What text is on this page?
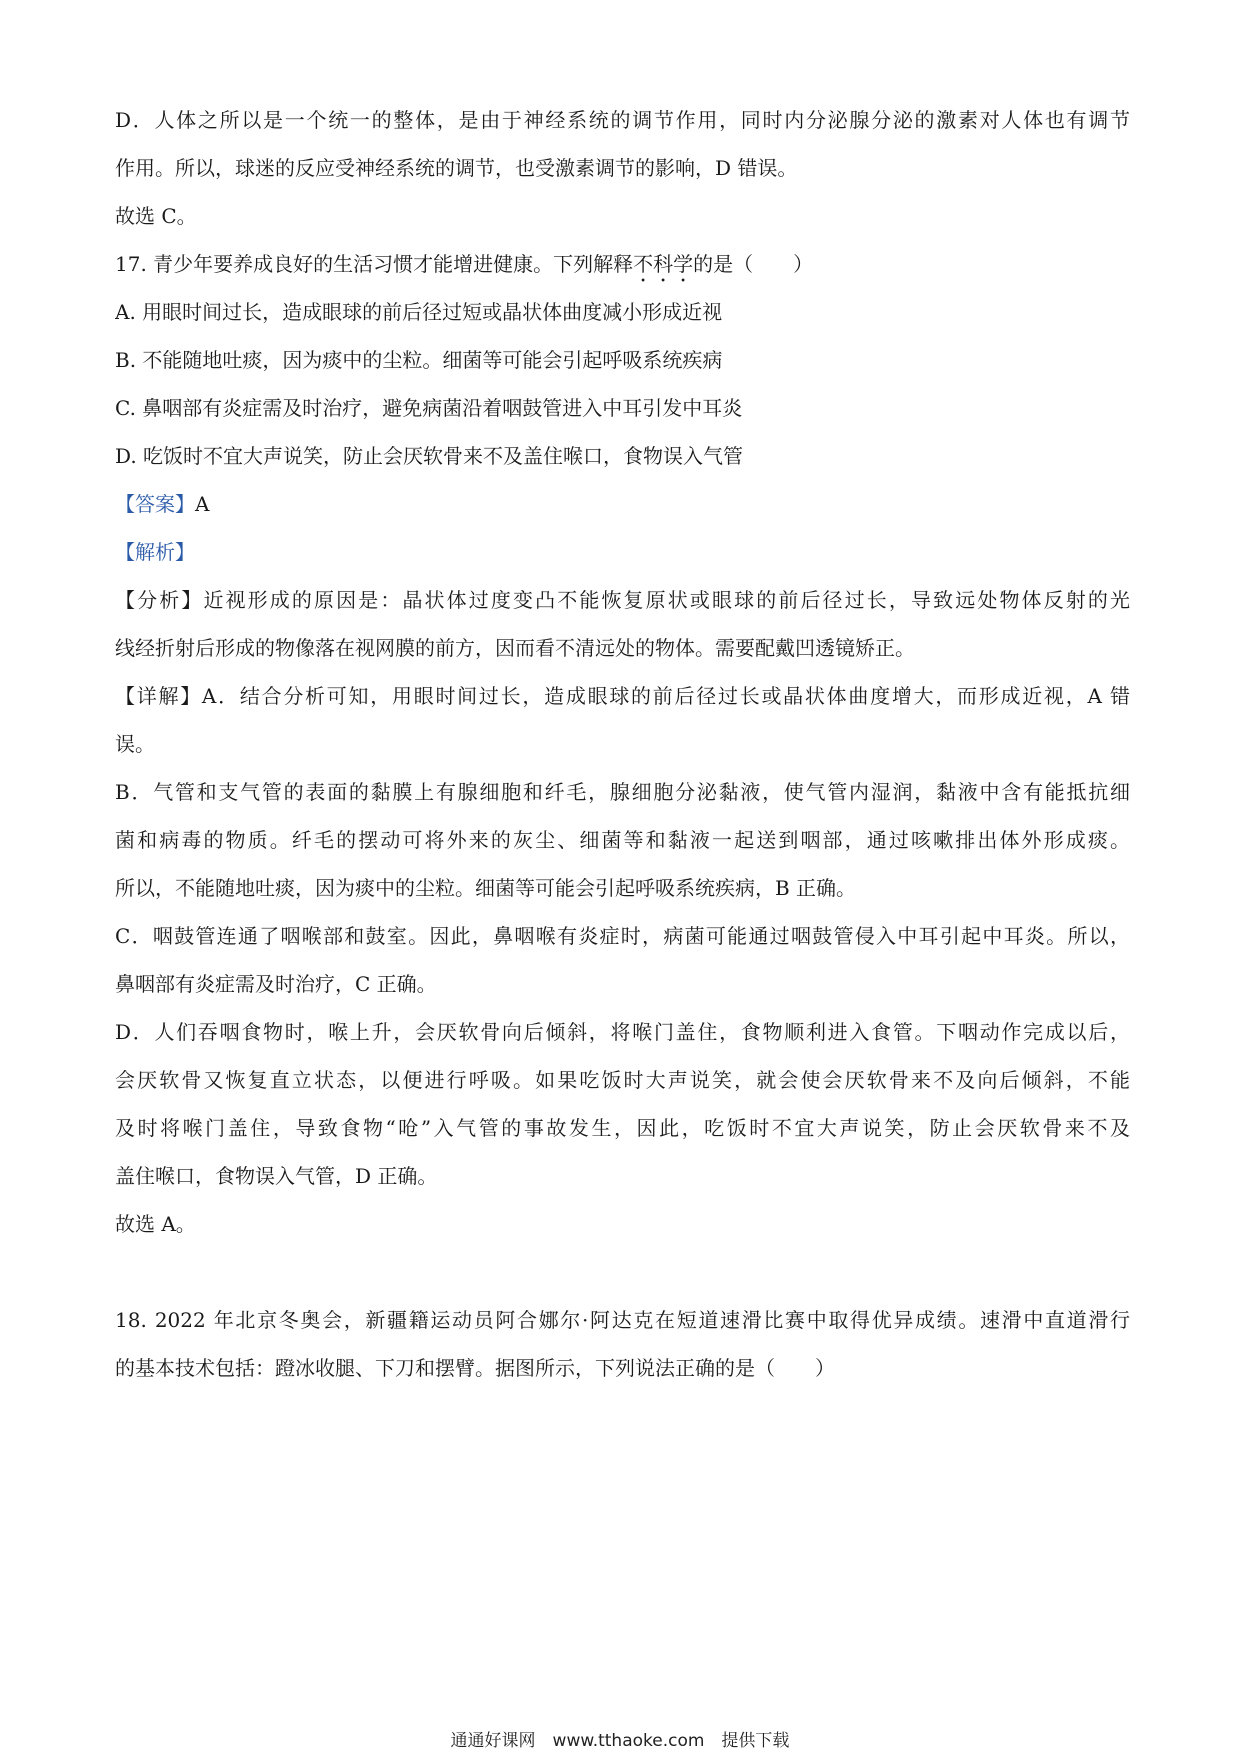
D．人体之所以是一个统一的整体，是由于神经系统的调节作用，同时内分泌腺分泌的激素对人体也有调节
作用。所以，球迷的反应受神经系统的调节，也受激素调节的影响，D 错误。
故选 C。
17. 青少年要养成良好的生活习惯才能增进健康。下列解释不科学的是（　　）
A. 用眼时间过长，造成眼球的前后径过短或晶状体曲度减小形成近视
B. 不能随地吐痰，因为痰中的尘粒。细菌等可能会引起呼吸系统疾病
C. 鼻咽部有炎症需及时治疗，避免病菌沿着咽鼓管进入中耳引发中耳炎
D. 吃饭时不宜大声说笑，防止会厌软骨来不及盖住喉口，食物误入气管
【答案】A
【解析】
【分析】近视形成的原因是：晶状体过度变凸不能恢复原状或眼球的前后径过长，导致远处物体反射的光
线经折射后形成的物像落在视网膜的前方，因而看不清远处的物体。需要配戴凹透镜矫正。
【详解】A．结合分析可知，用眼时间过长，造成眼球的前后径过长或晶状体曲度增大，而形成近视，A 错
误。
B．气管和支气管的表面的黏膜上有腺细胞和纤毛，腺细胞分泌黏液，使气管内湿润，黏液中含有能抵抗细
菌和病毒的物质。纤毛的摆动可将外来的灰尘、细菌等和黏液一起送到咽部，通过咳嗽排出体外形成痰。
所以，不能随地吐痰，因为痰中的尘粒。细菌等可能会引起呼吸系统疾病，B 正确。
C．咽鼓管连通了咽喉部和鼓室。因此，鼻咽喉有炎症时，病菌可能通过咽鼓管侵入中耳引起中耳炎。所以，
鼻咽部有炎症需及时治疗，C 正确。
D．人们吞咽食物时，喉上升，会厌软骨向后倾斜，将喉门盖住，食物顺利进入食管。下咽动作完成以后，
会厌软骨又恢复直立状态，以便进行呼吸。如果吃饭时大声说笑，就会使会厌软骨来不及向后倾斜，不能
及时将喉门盖住，导致食物“呛”入气管的事故发生，因此，吃饭时不宜大声说笑，防止会厌软骨来不及
盖住喉口，食物误入气管，D 正确。
故选 A。
18. 2022 年北京冬奥会，新疆籍运动员阿合娜尔·阿达克在短道速滑比赛中取得优异成绩。速滑中直道滑行
的基本技术包括：蹬冰收腿、下刀和摆臂。据图所示，下列说法正确的是（　　）
通通好课网　www.tthaoke.com　提供下载
